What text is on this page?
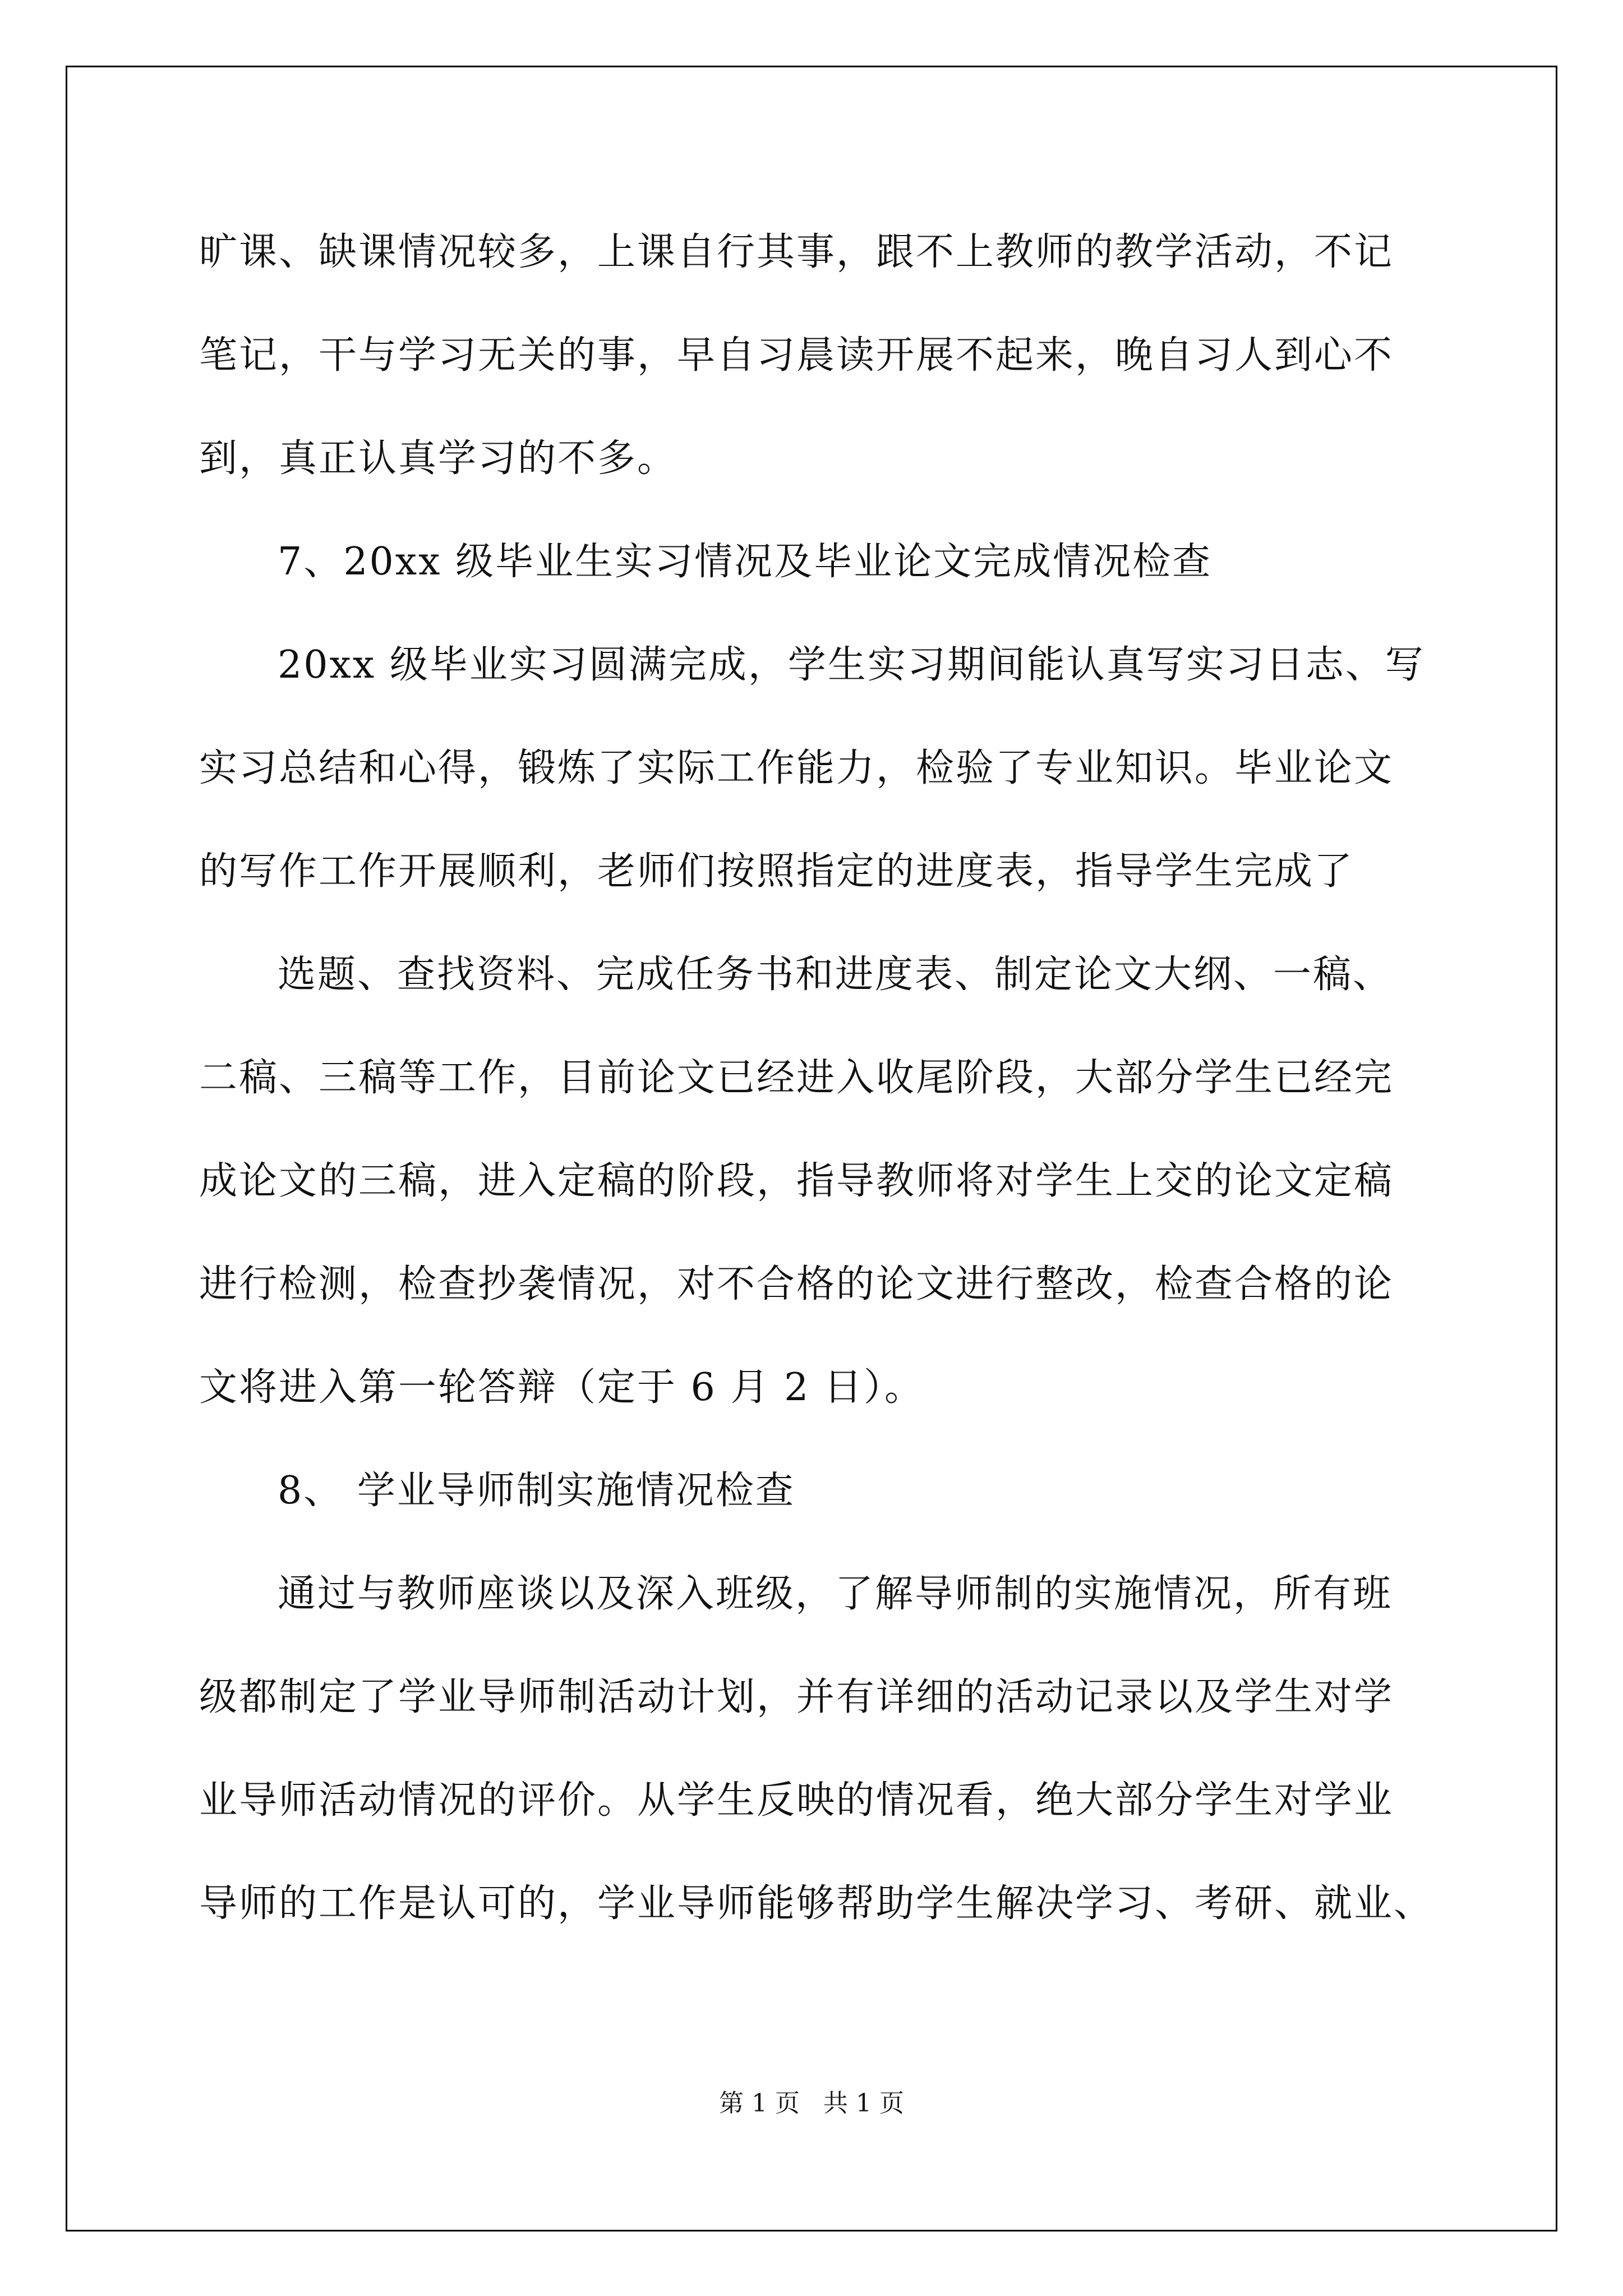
旷课、缺课情况较多，上课自行其事，跟不上教师的教学活动，不记
笔记，干与学习无关的事，早自习晨读开展不起来，晚自习人到心不
到，真正认真学习的不多。
7、20xx 级毕业生实习情况及毕业论文完成情况检查
20xx 级毕业实习圆满完成，学生实习期间能认真写实习日志、写
实习总结和心得，锻炼了实际工作能力，检验了专业知识。毕业论文
的写作工作开展顺利，老师们按照指定的进度表，指导学生完成了
选题、查找资料、完成任务书和进度表、制定论文大纲、一稿、
二稿、三稿等工作，目前论文已经进入收尾阶段，大部分学生已经完
成论文的三稿，进入定稿的阶段，指导教师将对学生上交的论文定稿
进行检测，检查抄袭情况，对不合格的论文进行整改，检查合格的论
文将进入第一轮答辩（定于 6 月 2 日）。
8、 学业导师制实施情况检查
通过与教师座谈以及深入班级，了解导师制的实施情况，所有班
级都制定了学业导师制活动计划，并有详细的活动记录以及学生对学
业导师活动情况的评价。从学生反映的情况看，绝大部分学生对学业
导师的工作是认可的，学业导师能够帮助学生解决学习、考研、就业、
第 1 页   共 1 页
